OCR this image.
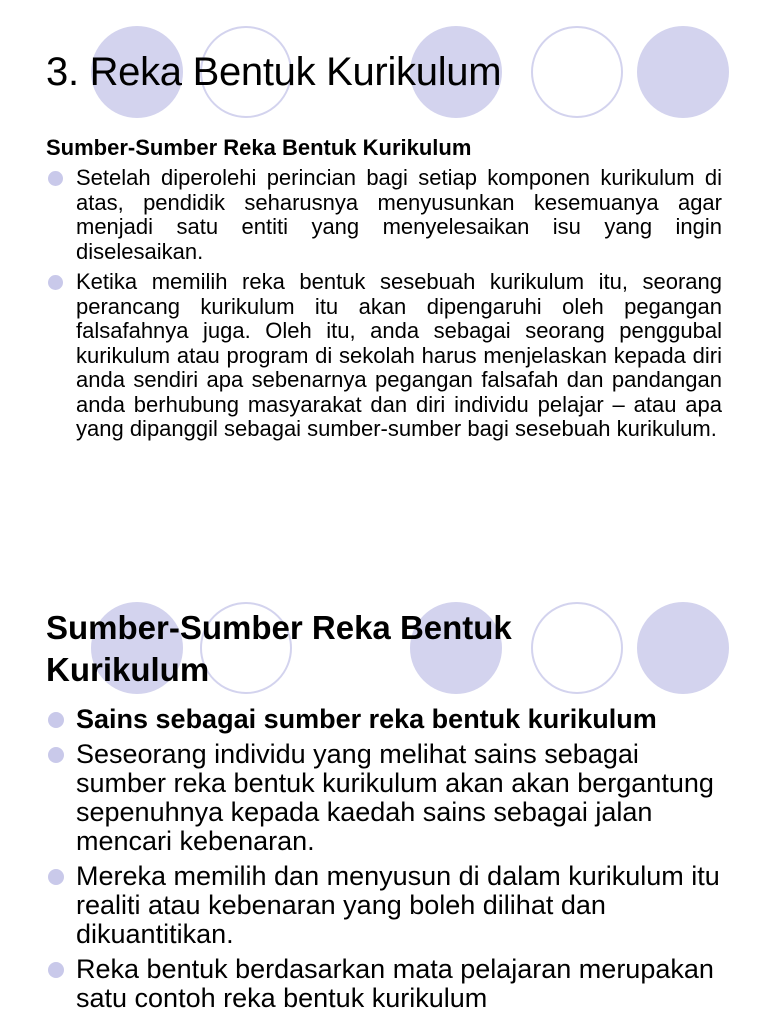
3. Reka Bentuk Kurikulum
Sumber-Sumber Reka Bentuk Kurikulum
Setelah diperolehi perincian bagi setiap komponen kurikulum di atas, pendidik seharusnya menyusunkan kesemuanya agar menjadi satu entiti yang menyelesaikan isu yang ingin diselesaikan.
Ketika memilih reka bentuk sesebuah kurikulum itu, seorang perancang kurikulum itu akan dipengaruhi oleh pegangan falsafahnya juga. Oleh itu, anda sebagai seorang penggubal kurikulum atau program di sekolah harus menjelaskan kepada diri anda sendiri apa sebenarnya pegangan falsafah dan pandangan anda berhubung masyarakat dan diri individu pelajar – atau apa yang dipanggil sebagai sumber-sumber bagi sesebuah kurikulum.
Sumber-Sumber Reka Bentuk Kurikulum
Sains sebagai sumber reka bentuk kurikulum
Seseorang individu yang melihat sains sebagai sumber reka bentuk kurikulum akan akan bergantung sepenuhnya kepada kaedah sains sebagai jalan mencari kebenaran.
Mereka memilih dan menyusun di dalam kurikulum itu realiti atau kebenaran yang boleh dilihat dan dikuantitikan.
Reka bentuk berdasarkan mata pelajaran merupakan satu contoh reka bentuk kurikulum
